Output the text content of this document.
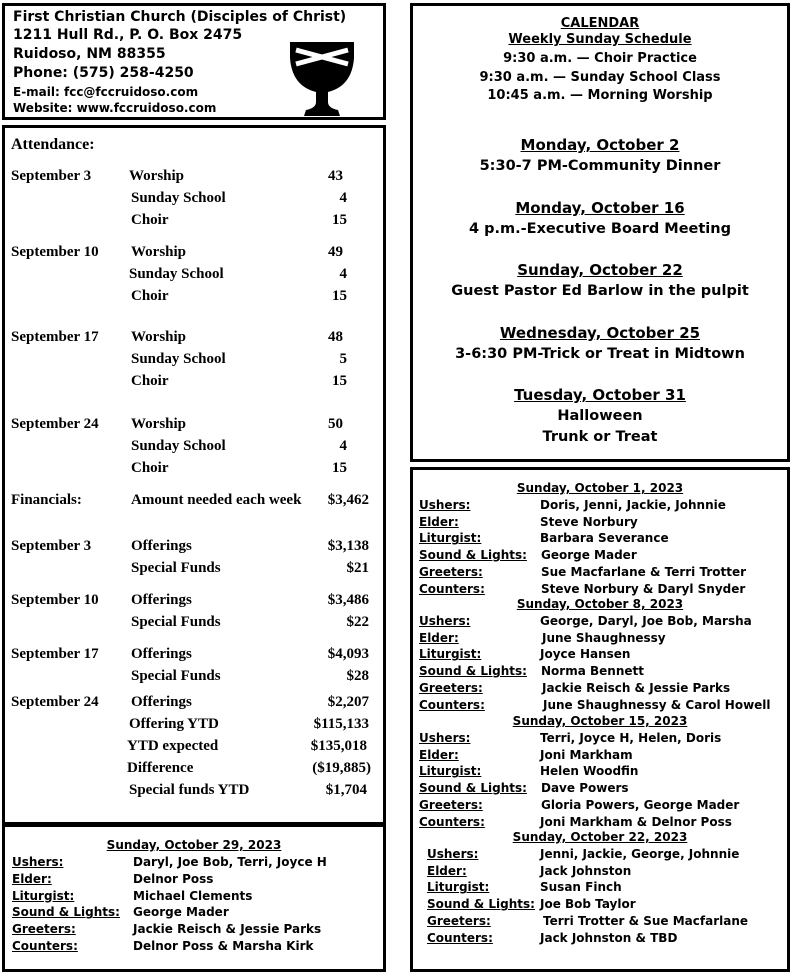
First Christian Church (Disciples of Christ)
1211 Hull Rd., P. O. Box 2475
Ruidoso, NM 88355
Phone: (575) 258-4250
E-mail: fcc@fccruidoso.com
Website: www.fccruidoso.com
Attendance:
September 3	Worship	43
Sunday School	4
Choir	15
September 10 Worship	49
Sunday School	4
Choir	15
September 17 Worship	48
Sunday School	5
Choir	15
September 24 Worship	50
Sunday School	4
Choir	15
Financials:	Amount needed each week $3,462
September 3	Offerings	$3,138
Special Funds	$21
September 10 Offerings	$3,486
Special Funds	$22
September 17 Offerings	$4,093
Special Funds	$28
September 24 Offerings	$2,207
Offering YTD	$115,133
YTD expected	$135,018
Difference	($19,885)
Special funds YTD	$1,704
CALENDAR
Weekly Sunday Schedule
9:30 a.m. — Choir Practice
9:30 a.m. — Sunday School Class
10:45 a.m. — Morning Worship
Monday, October 2
5:30-7 PM-Community Dinner
Monday, October 16
4 p.m.-Executive Board Meeting
Sunday, October 22
Guest Pastor Ed Barlow in the pulpit
Wednesday, October 25
3-6:30 PM-Trick or Treat in Midtown
Tuesday, October 31
Halloween
Trunk or Treat
Sunday, October 1, 2023
Ushers:	Doris, Jenni, Jackie, Johnnie
Elder:	Steve Norbury
Liturgist:	Barbara Severance
Sound & Lights: George Mader
Greeters:	Sue Macfarlane & Terri Trotter
Counters:	Steve Norbury & Daryl Snyder
Sunday, October 8, 2023
Ushers:	George, Daryl, Joe Bob, Marsha
Elder:	June Shaughnessy
Liturgist:	Joyce Hansen
Sound & Lights: Norma Bennett
Greeters:	Jackie Reisch & Jessie Parks
Counters:	June Shaughnessy & Carol Howell
Sunday, October 15, 2023
Ushers:	Terri, Joyce H, Helen, Doris
Elder:	Joni Markham
Liturgist:	Helen Woodfin
Sound & Lights: Dave Powers
Greeters:	Gloria Powers, George Mader
Counters:	Joni Markham & Delnor Poss
Sunday, October 22, 2023
Ushers:	Jenni, Jackie, George, Johnnie
Elder:	Jack Johnston
Liturgist:	Susan Finch
Sound & Lights: Joe Bob Taylor
Greeters:	Terri Trotter & Sue Macfarlane
Counters:	Jack Johnston & TBD
Sunday, October 29, 2023
Ushers:	Daryl, Joe Bob, Terri, Joyce H
Elder:	Delnor Poss
Liturgist:	Michael Clements
Sound & Lights: George Mader
Greeters:	Jackie Reisch & Jessie Parks
Counters:	Delnor Poss & Marsha Kirk
